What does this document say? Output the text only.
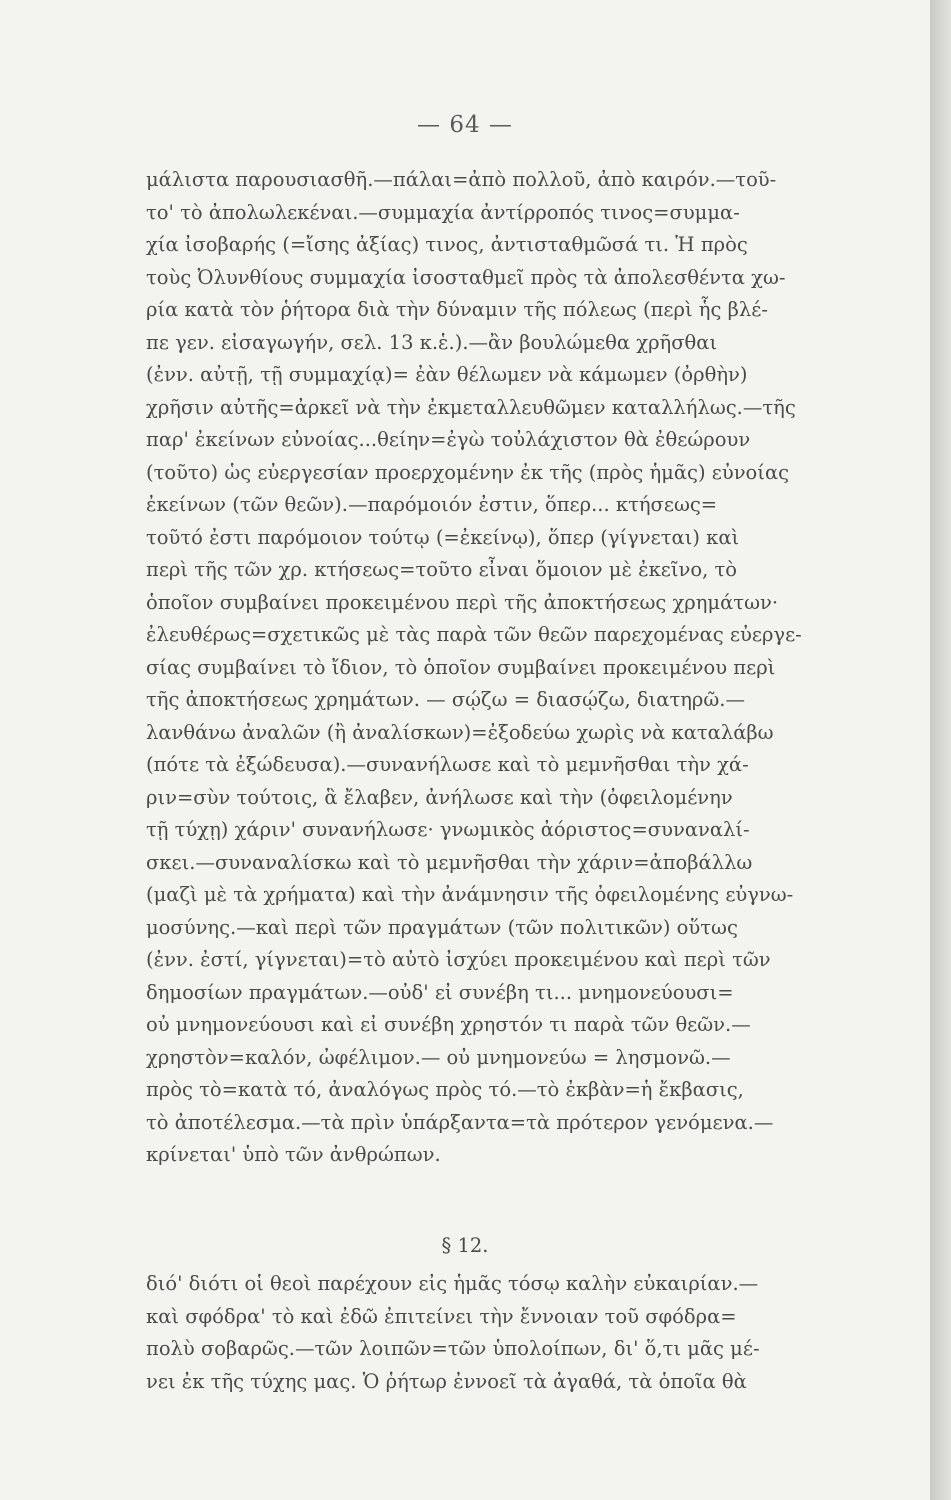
— 64 —
μάλιστα παρουσιασθῆ.—πάλαι=ἀπὸ πολλοῦ, ἀπὸ καιρόν.—τοῦ-
το' τὸ ἀπολωλεκέναι.—συμμαχία ἀντίρροπός τινος=συμμα-
χία ἰσοβαρής (=ἴσης ἀξίας) τινος, ἀντισταθμῶσά τι. Ἡ πρὸς
τοὺς Ὀλυνθίους συμμαχία ἰσοσταθμεῖ πρὸς τὰ ἀπολεσθέντα χω-
ρία κατὰ τὸν ῥήτορα διὰ τὴν δύναμιν τῆς πόλεως (περὶ ἧς βλέ-
πε γεν. εἰσαγωγήν, σελ. 13 κ.ἑ.).—ἂν βουλώμεθα χρῆσθαι
(ἐνν. αὐτῇ, τῇ συμμαχίᾳ)= ἐὰν θέλωμεν νὰ κάμωμεν (ὀρθὴν)
χρῆσιν αὐτῆς=ἀρκεῖ νὰ τὴν ἐκμεταλλευθῶμεν καταλλήλως.—τῆς
παρ' ἐκείνων εὐνοίας...θείην=ἐγὼ τοὐλάχιστον θὰ ἐθεώρουν
(τοῦτο) ὡς εὐεργεσίαν προερχομένην ἐκ τῆς (πρὸς ἡμᾶς) εὐνοίας
ἐκείνων (τῶν θεῶν).—παρόμοιόν ἐστιν, ὅπερ... κτήσεως=
τοῦτό ἐστι παρόμοιον τούτῳ (=ἐκείνῳ), ὅπερ (γίγνεται) καὶ
περὶ τῆς τῶν χρ. κτήσεως=τοῦτο εἶναι ὅμοιον μὲ ἐκεῖνο, τὸ
ὁποῖον συμβαίνει προκειμένου περὶ τῆς ἀποκτήσεως χρημάτων·
ἐλευθέρως=σχετικῶς μὲ τὰς παρὰ τῶν θεῶν παρεχομένας εὐεργε-
σίας συμβαίνει τὸ ἴδιον, τὸ ὁποῖον συμβαίνει προκειμένου περὶ
τῆς ἀποκτήσεως χρημάτων. — σῴζω = διασῴζω, διατηρῶ.—
λανθάνω ἀναλῶν (ἢ ἀναλίσκων)=ἐξοδεύω χωρὶς νὰ καταλάβω
(πότε τὰ ἐξώδευσα).—συνανήλωσε καὶ τὸ μεμνῆσθαι τὴν χά-
ριν=σὺν τούτοις, ἃ ἔλαβεν, ἀνήλωσε καὶ τὴν (ὀφειλομένην
τῇ τύχῃ) χάριν' συνανήλωσε· γνωμικὸς ἀόριστος=συναναλί-
σκει.—συναναλίσκω καὶ τὸ μεμνῆσθαι τὴν χάριν=ἀποβάλλω
(μαζὶ μὲ τὰ χρήματα) καὶ τὴν ἀνάμνησιν τῆς ὀφειλομένης εὐγνω-
μοσύνης.—καὶ περὶ τῶν πραγμάτων (τῶν πολιτικῶν) οὕτως
(ἐνν. ἐστί, γίγνεται)=τὸ αὐτὸ ἰσχύει προκειμένου καὶ περὶ τῶν
δημοσίων πραγμάτων.—οὐδ' εἰ συνέβη τι... μνημονεύουσι=
οὐ μνημονεύουσι καὶ εἰ συνέβη χρηστόν τι παρὰ τῶν θεῶν.—
χρηστὸν=καλόν, ὠφέλιμον.— οὐ μνημονεύω = λησμονῶ.—
πρὸς τὸ=κατὰ τό, ἀναλόγως πρὸς τό.—τὸ ἐκβὰν=ἡ ἔκβασις,
τὸ ἀποτέλεσμα.—τὰ πρὶν ὑπάρξαντα=τὰ πρότερον γενόμενα.—
κρίνεται' ὑπὸ τῶν ἀνθρώπων.
διό' διότι οἱ θεοὶ παρέχουν εἰς ἡμᾶς τόσῳ καλὴν εὐκαιρίαν.—
καὶ σφόδρα' τὸ καὶ ἐδῶ ἐπιτείνει τὴν ἔννοιαν τοῦ σφόδρα=
πολὺ σοβαρῶς.—τῶν λοιπῶν=τῶν ὑπολοίπων, δι' ὅ,τι μᾶς μέ-
νει ἐκ τῆς τύχης μας. Ὁ ῥήτωρ ἐννοεῖ τὰ ἀγαθά, τὰ ὁποῖα θὰ
§ 12.
